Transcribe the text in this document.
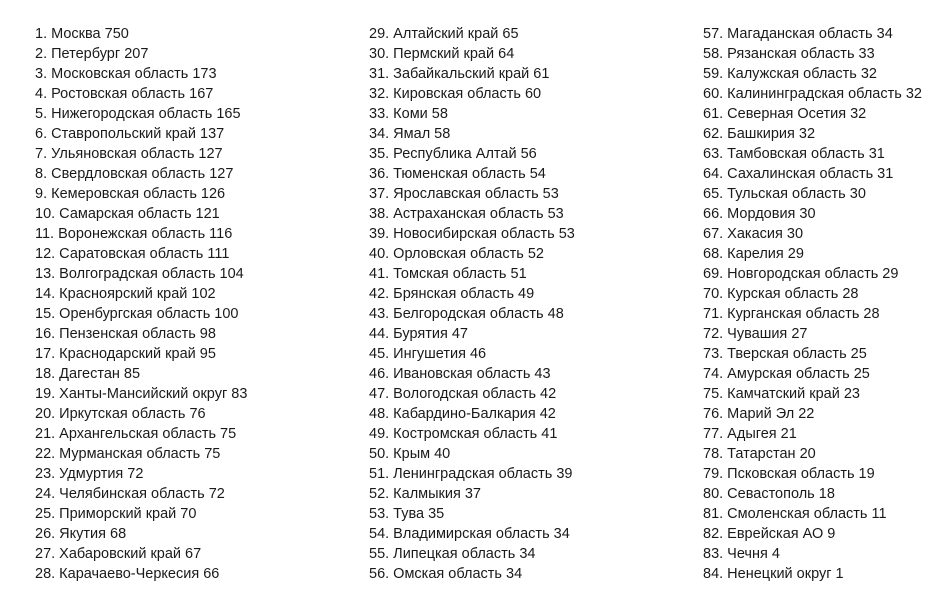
1. Москва 750
2. Петербург 207
3. Московская область 173
4. Ростовская область 167
5. Нижегородская область 165
6. Ставропольский край 137
7. Ульяновская область 127
8. Свердловская область 127
9. Кемеровская область 126
10. Самарская область 121
11. Воронежская область 116
12. Саратовская область 111
13. Волгоградская область 104
14. Красноярский край 102
15. Оренбургская область 100
16. Пензенская область 98
17. Краснодарский край 95
18. Дагестан 85
19. Ханты-Мансийский округ 83
20. Иркутская область 76
21. Архангельская область 75
22. Мурманская область 75
23. Удмуртия 72
24. Челябинская область 72
25. Приморский край 70
26. Якутия 68
27. Хабаровский край 67
28. Карачаево-Черкесия 66
29. Алтайский край 65
30. Пермский край 64
31. Забайкальский край 61
32. Кировская область 60
33. Коми 58
34. Ямал 58
35. Республика Алтай 56
36. Тюменская область 54
37. Ярославская область 53
38. Астраханская область 53
39. Новосибирская область 53
40. Орловская область 52
41. Томская область 51
42. Брянская область 49
43. Белгородская область 48
44. Бурятия 47
45. Ингушетия 46
46. Ивановская область 43
47. Вологодская область 42
48. Кабардино-Балкария 42
49. Костромская область 41
50. Крым 40
51. Ленинградская область 39
52. Калмыкия 37
53. Тува 35
54. Владимирская область 34
55. Липецкая область 34
56. Омская область 34
57. Магаданская область 34
58. Рязанская область 33
59. Калужская область 32
60. Калининградская область 32
61. Северная Осетия 32
62. Башкирия 32
63. Тамбовская область 31
64. Сахалинская область 31
65. Тульская область 30
66. Мордовия 30
67. Хакасия 30
68. Карелия 29
69. Новгородская область 29
70. Курская область 28
71. Курганская область 28
72. Чувашия 27
73. Тверская область 25
74. Амурская область 25
75. Камчатский край 23
76. Марий Эл 22
77. Адыгея 21
78. Татарстан 20
79. Псковская область 19
80. Севастополь 18
81. Смоленская область 11
82. Еврейская АО 9
83. Чечня 4
84. Ненецкий округ 1
